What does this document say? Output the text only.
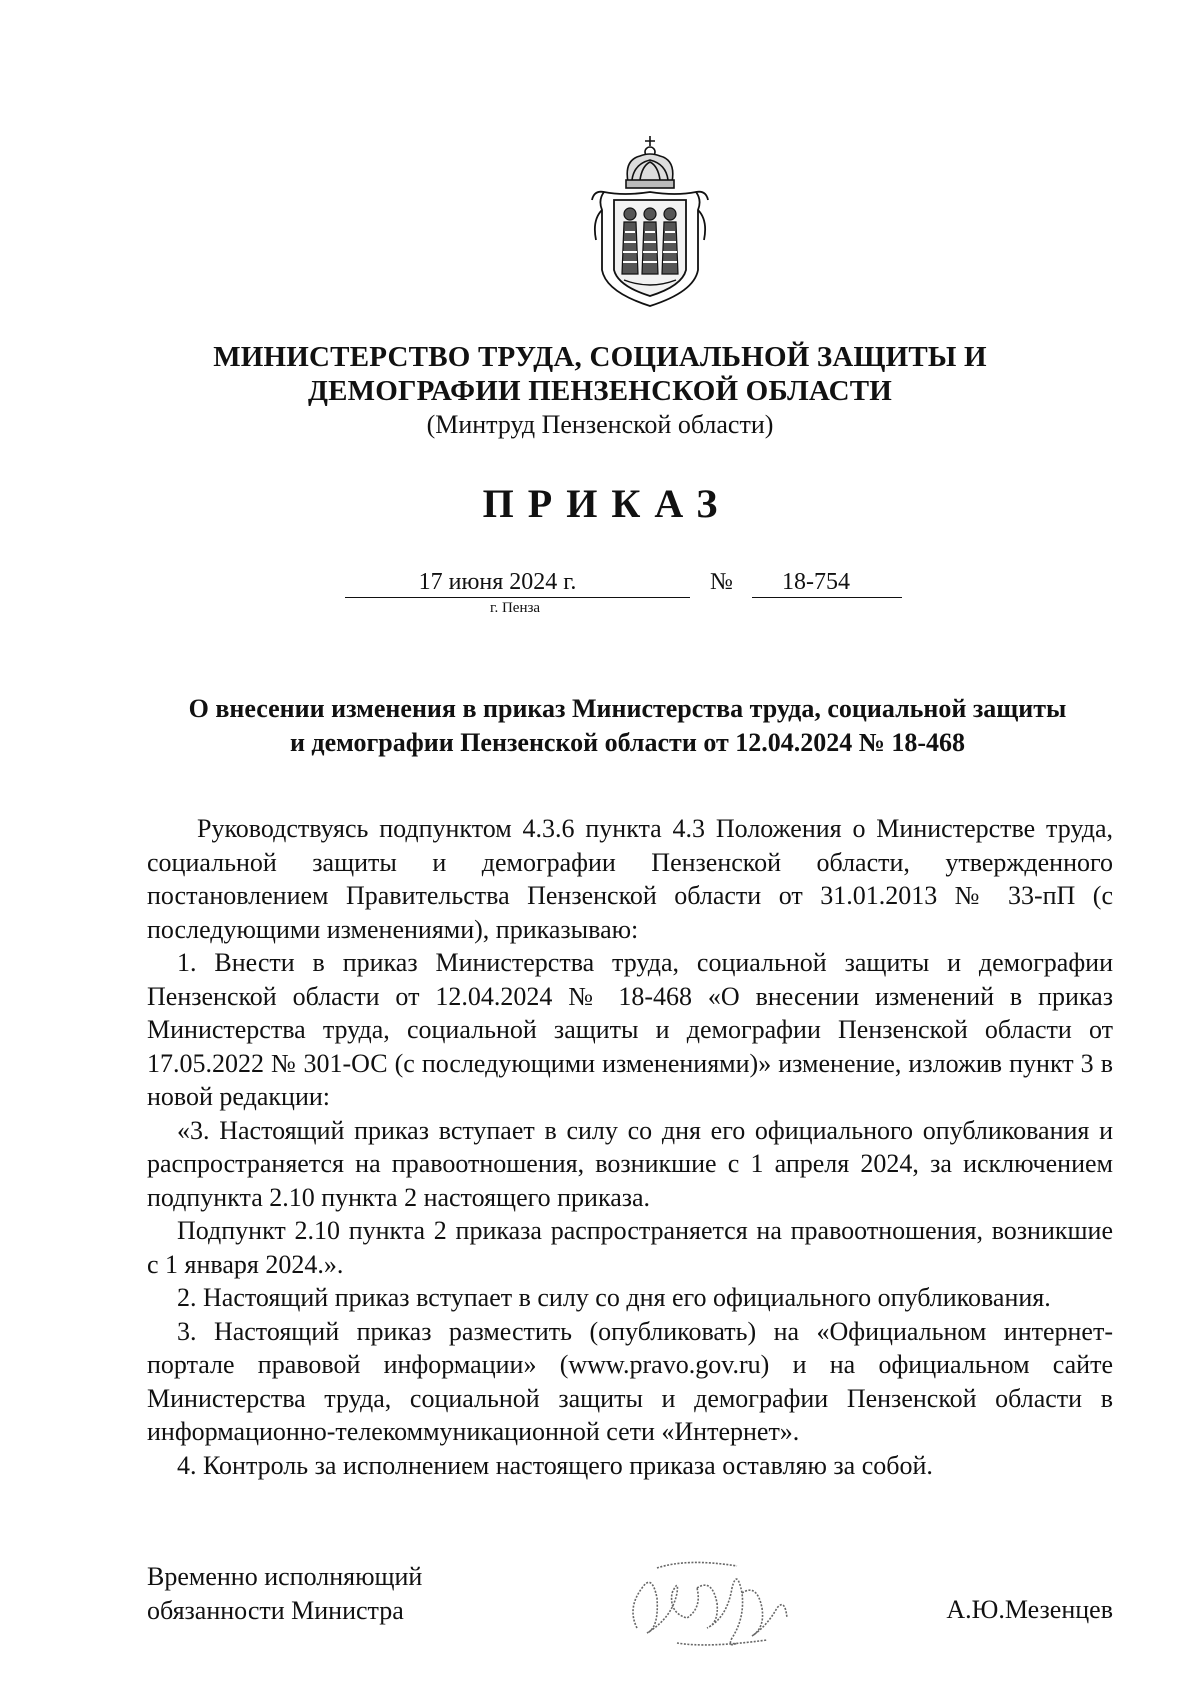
МИНИСТЕРСТВО ТРУДА, СОЦИАЛЬНОЙ ЗАЩИТЫ И
ДЕМОГРАФИИ ПЕНЗЕНСКОЙ ОБЛАСТИ
(Минтруд Пензенской области)
ПРИКАЗ
17 июня 2024 г.	№	18-754
г. Пенза
О внесении изменения в приказ Министерства труда, социальной защиты
и демографии Пензенской области от 12.04.2024 № 18-468

Руководствуясь подпунктом 4.3.6 пункта 4.3 Положения о Министерстве труда, социальной защиты и демографии Пензенской области, утвержденного постановлением Правительства Пензенской области от 31.01.2013 № 33-пП (с последующими изменениями), приказываю:

1. Внести в приказ Министерства труда, социальной защиты и демографии Пензенской области от 12.04.2024 № 18-468 «О внесении изменений в приказ Министерства труда, социальной защиты и демографии Пензенской области от 17.05.2022 № 301-ОС (с последующими изменениями)» изменение, изложив пункт 3 в новой редакции:

«3. Настоящий приказ вступает в силу со дня его официального опубликования и распространяется на правоотношения, возникшие с 1 апреля 2024, за исключением подпункта 2.10 пункта 2 настоящего приказа.

Подпункт 2.10 пункта 2 приказа распространяется на правоотношения, возникшие с 1 января 2024.».

2. Настоящий приказ вступает в силу со дня его официального опубликования.

3. Настоящий приказ разместить (опубликовать) на «Официальном интернет-портале правовой информации» (www.pravo.gov.ru) и на официальном сайте Министерства труда, социальной защиты и демографии Пензенской области в информационно-телекоммуникационной сети «Интернет».

4. Контроль за исполнением настоящего приказа оставляю за собой.

Временно исполняющий
обязанности Министра	А.Ю.Мезенцев
